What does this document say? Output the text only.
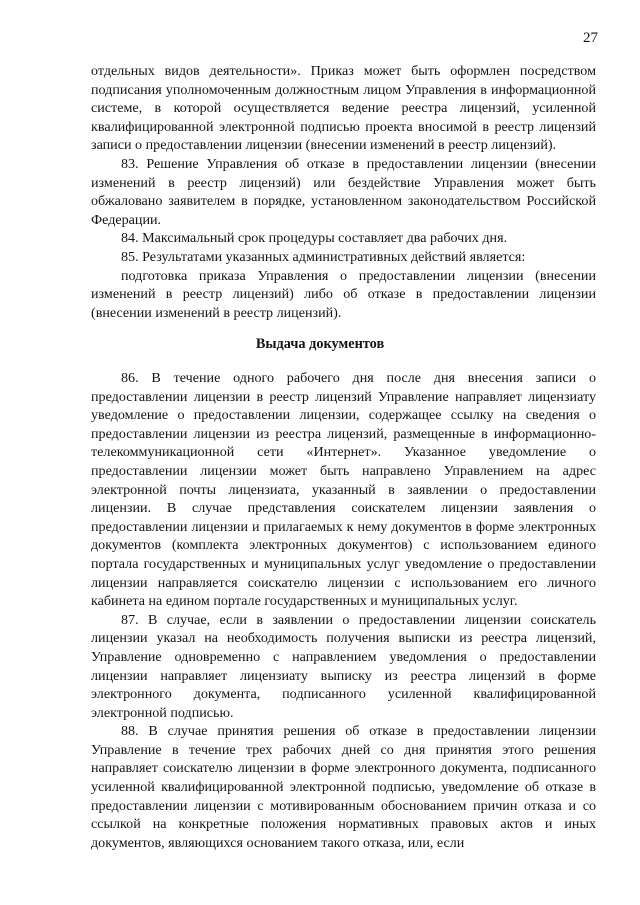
27

отдельных видов деятельности». Приказ может быть оформлен посредством подписания уполномоченным должностным лицом Управления в информационной системе, в которой осуществляется ведение реестра лицензий, усиленной квалифицированной электронной подписью проекта вносимой в реестр лицензий записи о предоставлении лицензии (внесении изменений в реестр лицензий).

83. Решение Управления об отказе в предоставлении лицензии (внесении изменений в реестр лицензий) или бездействие Управления может быть обжаловано заявителем в порядке, установленном законодательством Российской Федерации.

84. Максимальный срок процедуры составляет два рабочих дня.

85. Результатами указанных административных действий является:

подготовка приказа Управления о предоставлении лицензии (внесении изменений в реестр лицензий) либо об отказе в предоставлении лицензии (внесении изменений в реестр лицензий).

Выдача документов

86. В течение одного рабочего дня после дня внесения записи о предоставлении лицензии в реестр лицензий Управление направляет лицензиату уведомление о предоставлении лицензии, содержащее ссылку на сведения о предоставлении лицензии из реестра лицензий, размещенные в информационно-телекоммуникационной сети «Интернет». Указанное уведомление о предоставлении лицензии может быть направлено Управлением на адрес электронной почты лицензиата, указанный в заявлении о предоставлении лицензии. В случае представления соискателем лицензии заявления о предоставлении лицензии и прилагаемых к нему документов в форме электронных документов (комплекта электронных документов) с использованием единого портала государственных и муниципальных услуг уведомление о предоставлении лицензии направляется соискателю лицензии с использованием его личного кабинета на едином портале государственных и муниципальных услуг.

87. В случае, если в заявлении о предоставлении лицензии соискатель лицензии указал на необходимость получения выписки из реестра лицензий, Управление одновременно с направлением уведомления о предоставлении лицензии направляет лицензиату выписку из реестра лицензий в форме электронного документа, подписанного усиленной квалифицированной электронной подписью.

88. В случае принятия решения об отказе в предоставлении лицензии Управление в течение трех рабочих дней со дня принятия этого решения направляет соискателю лицензии в форме электронного документа, подписанного усиленной квалифицированной электронной подписью, уведомление об отказе в предоставлении лицензии с мотивированным обоснованием причин отказа и со ссылкой на конкретные положения нормативных правовых актов и иных документов, являющихся основанием такого отказа, или, если
